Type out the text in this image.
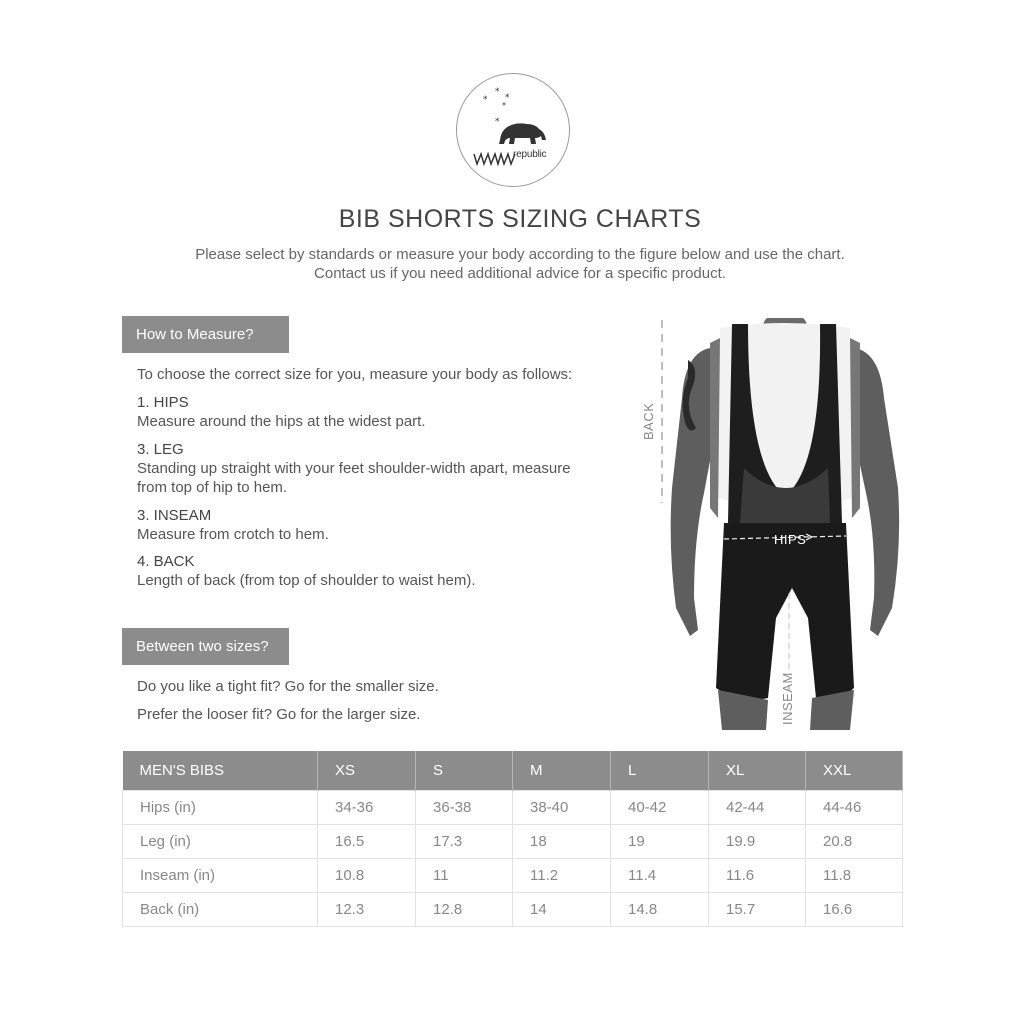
*
*
*
*
*
republic
BIB SHORTS SIZING CHARTS
Please select by standards or measure your body according to the figure below and use the chart.
Contact us if you need additional advice for a specific product.
How to Measure?
To choose the correct size for you, measure your body as follows:
1. HIPS
Measure around the hips at the widest part.
3. LEG
Standing up straight with your feet shoulder-width apart, measure
from top of hip to hem.
3. INSEAM
Measure from crotch to hem.
4. BACK
Length of back (from top of shoulder to waist hem).
Between two sizes?
Do you like a tight fit? Go for the smaller size.
Prefer the looser fit? Go for the larger size.
BACK
HIPS
INSEAM
MEN'S BIBS	XS	S	M	L	XL	XXL
Hips (in)	34-36	36-38	38-40	40-42	42-44	44-46
Leg (in)	16.5	17.3	18	19	19.9	20.8
Inseam (in)	10.8	11	11.2	11.4	11.6	11.8
Back (in)	12.3	12.8	14	14.8	15.7	16.6
